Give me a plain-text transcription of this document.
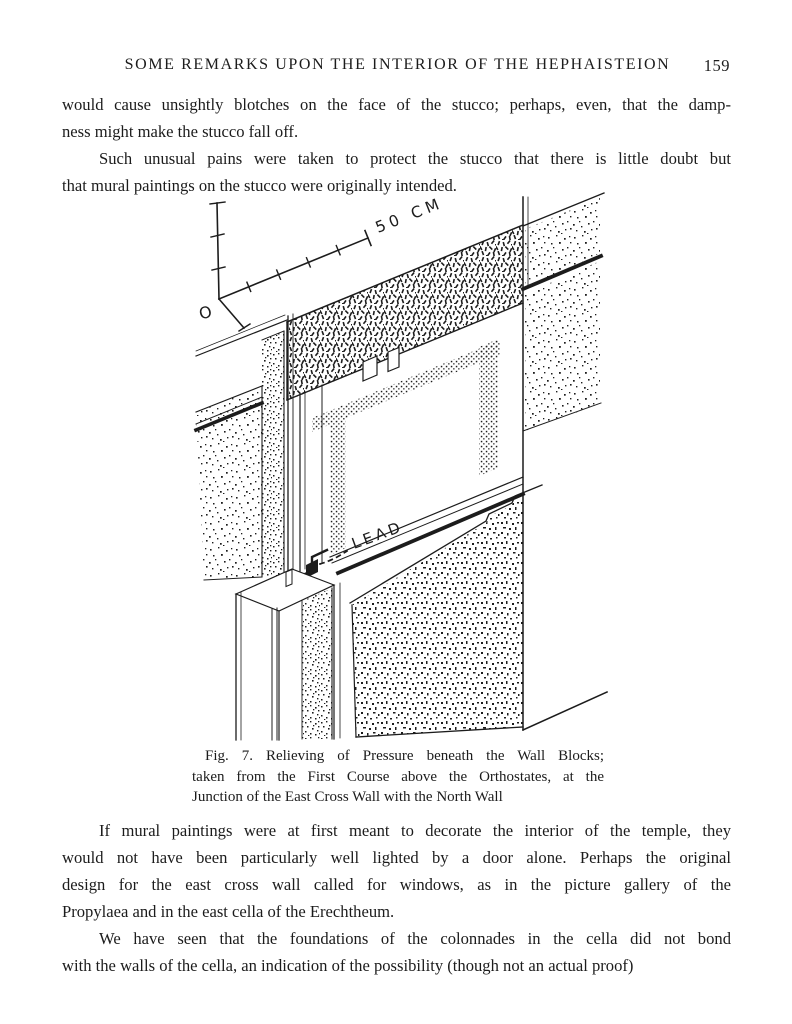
SOME REMARKS UPON THE INTERIOR OF THE HEPHAISTEION	159
would cause unsightly blotches on the face of the stucco; perhaps, even, that the damp-
ness might make the stucco fall off.
Such unusual pains were taken to protect the stucco that there is little doubt but
that mural paintings on the stucco were originally intended.
O
50 CM
LEAD
Fig. 7. Relieving of Pressure beneath the Wall Blocks;
taken from the First Course above the Orthostates, at the
Junction of the East Cross Wall with the North Wall
If mural paintings were at first meant to decorate the interior of the temple, they
would not have been particularly well lighted by a door alone. Perhaps the original
design for the east cross wall called for windows, as in the picture gallery of the
Propylaea and in the east cella of the Erechtheum.
We have seen that the foundations of the colonnades in the cella did not bond
with the walls of the cella, an indication of the possibility (though not an actual proof)
